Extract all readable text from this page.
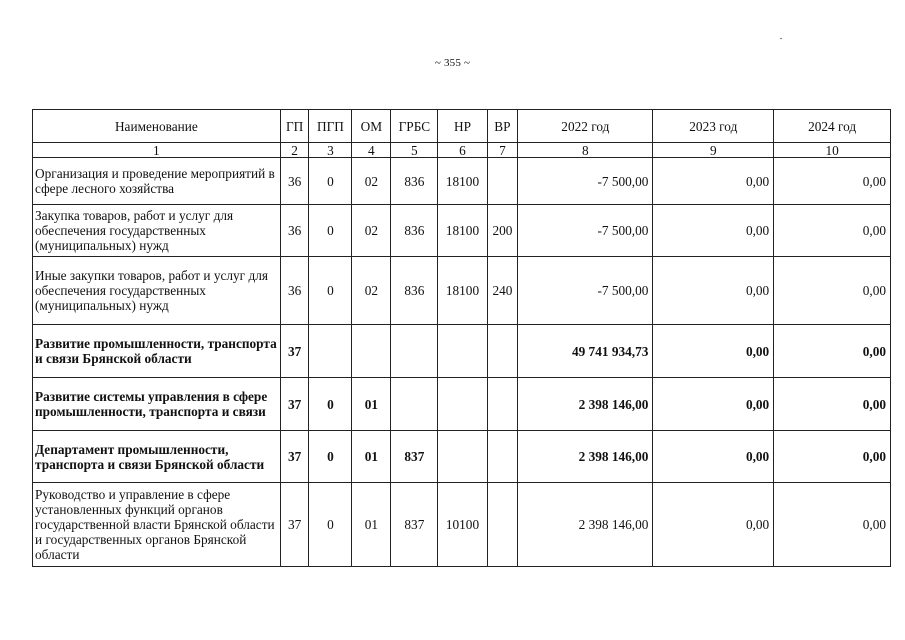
~ 355 ~
Наименование	ГП	ПГП	ОМ	ГРБС	НР	ВР	2022 год	2023 год	2024 год
1	2	3	4	5	6	7	8	9	10
Организация и проведение мероприятий в сфере лесного хозяйства	36	0	02	836	18100		-7 500,00	0,00	0,00
Закупка товаров, работ и услуг для обеспечения государственных (муниципальных) нужд	36	0	02	836	18100	200	-7 500,00	0,00	0,00
Иные закупки товаров, работ и услуг для обеспечения государственных (муниципальных) нужд	36	0	02	836	18100	240	-7 500,00	0,00	0,00
Развитие промышленности, транспорта и связи Брянской области	37						49 741 934,73	0,00	0,00
Развитие системы управления в сфере промышленности, транспорта и связи	37	0	01				2 398 146,00	0,00	0,00
Департамент промышленности, транспорта и связи Брянской области	37	0	01	837			2 398 146,00	0,00	0,00
Руководство и управление в сфере установленных функций органов государственной власти Брянской области и государственных органов Брянской области	37	0	01	837	10100		2 398 146,00	0,00	0,00
